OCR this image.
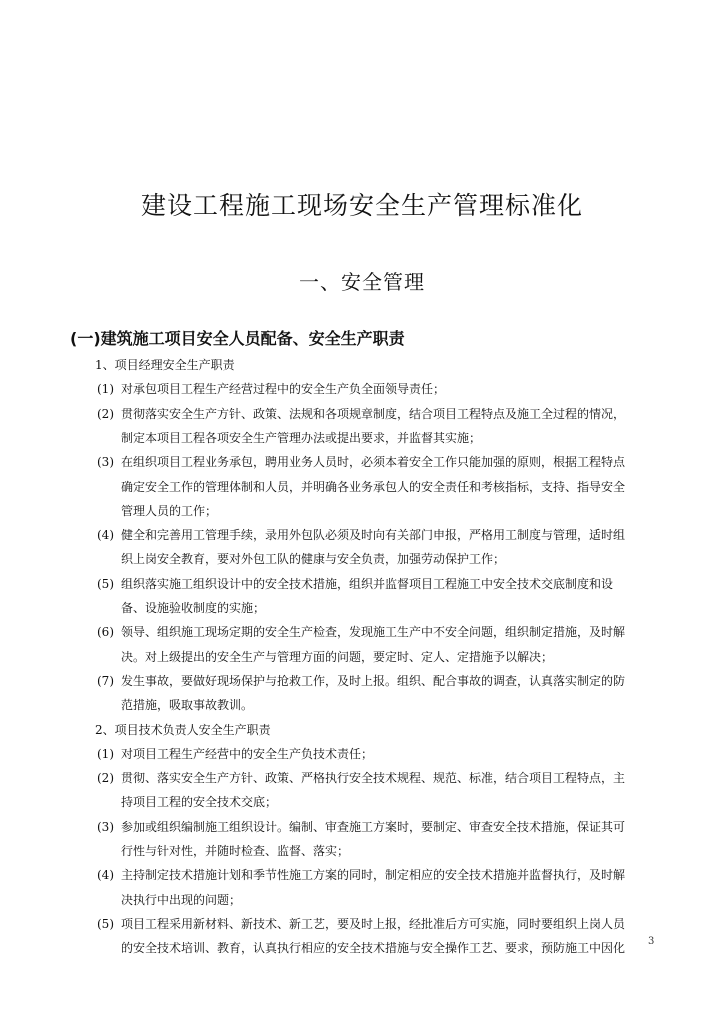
建设工程施工现场安全生产管理标准化
一、安全管理
(一)建筑施工项目安全人员配备、安全生产职责
1、项目经理安全生产职责
(1) 对承包项目工程生产经营过程中的安全生产负全面领导责任；
(2) 贯彻落实安全生产方针、政策、法规和各项规章制度，结合项目工程特点及施工全过程的情况，
制定本项目工程各项安全生产管理办法或提出要求，并监督其实施；
(3) 在组织项目工程业务承包，聘用业务人员时，必须本着安全工作只能加强的原则，根据工程特点
确定安全工作的管理体制和人员，并明确各业务承包人的安全责任和考核指标，支持、指导安全
管理人员的工作；
(4) 健全和完善用工管理手续，录用外包队必须及时向有关部门申报，严格用工制度与管理，适时组
织上岗安全教育，要对外包工队的健康与安全负责，加强劳动保护工作；
(5) 组织落实施工组织设计中的安全技术措施，组织并监督项目工程施工中安全技术交底制度和设
备、设施验收制度的实施；
(6) 领导、组织施工现场定期的安全生产检查，发现施工生产中不安全问题，组织制定措施，及时解
决。对上级提出的安全生产与管理方面的问题，要定时、定人、定措施予以解决；
(7) 发生事故，要做好现场保护与抢救工作，及时上报。组织、配合事故的调查，认真落实制定的防
范措施，吸取事故教训。
2、项目技术负责人安全生产职责
(1) 对项目工程生产经营中的安全生产负技术责任；
(2) 贯彻、落实安全生产方针、政策、严格执行安全技术规程、规范、标准，结合项目工程特点，主
持项目工程的安全技术交底；
(3) 参加或组织编制施工组织设计。编制、审查施工方案时，要制定、审查安全技术措施，保证其可
行性与针对性，并随时检查、监督、落实；
(4) 主持制定技术措施计划和季节性施工方案的同时，制定相应的安全技术措施并监督执行，及时解
决执行中出现的问题；
(5) 项目工程采用新材料、新技术、新工艺，要及时上报，经批准后方可实施，同时要组织上岗人员
的安全技术培训、教育，认真执行相应的安全技术措施与安全操作工艺、要求，预防施工中因化 3
